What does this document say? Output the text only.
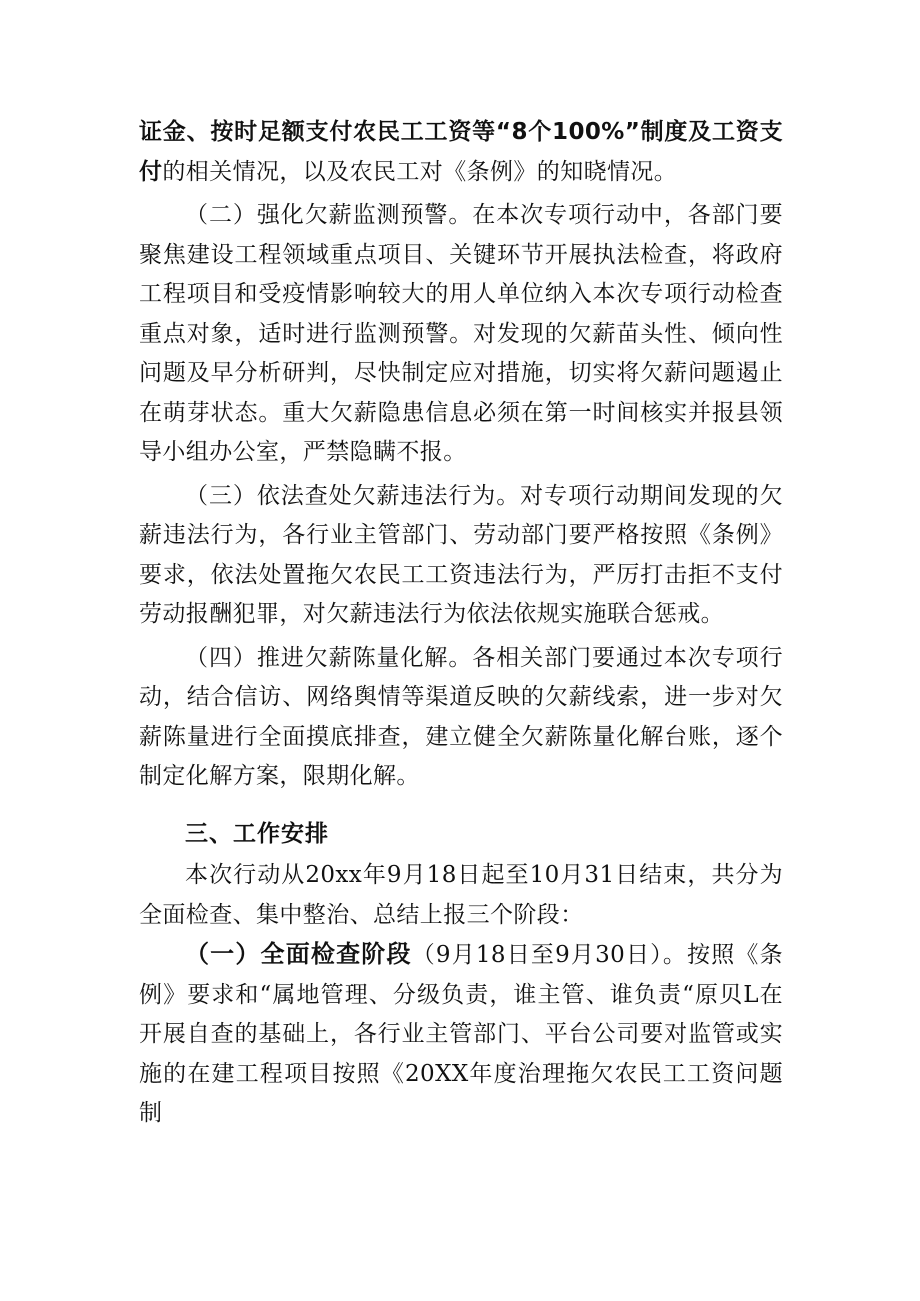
证金、按时足额支付农民工工资等“8个100%”制度及工资支付的相关情况，以及农民工对《条例》的知晓情况。

（二）强化欠薪监测预警。在本次专项行动中，各部门要聚焦建设工程领域重点项目、关键环节开展执法检查，将政府工程项目和受疫情影响较大的用人单位纳入本次专项行动检查重点对象，适时进行监测预警。对发现的欠薪苗头性、倾向性问题及早分析研判，尽快制定应对措施，切实将欠薪问题遏止在萌芽状态。重大欠薪隐患信息必须在第一时间核实并报县领导小组办公室，严禁隐瞒不报。

（三）依法查处欠薪违法行为。对专项行动期间发现的欠薪违法行为，各行业主管部门、劳动部门要严格按照《条例》要求，依法处置拖欠农民工工资违法行为，严厉打击拒不支付劳动报酬犯罪，对欠薪违法行为依法依规实施联合惩戒。

（四）推进欠薪陈量化解。各相关部门要通过本次专项行动，结合信访、网络舆情等渠道反映的欠薪线索，进一步对欠薪陈量进行全面摸底排查，建立健全欠薪陈量化解台账，逐个制定化解方案，限期化解。

三、工作安排

本次行动从20xx年9月18日起至10月31日结束，共分为全面检查、集中整治、总结上报三个阶段：

（一）全面检查阶段（9月18日至9月30日）。按照《条例》要求和“属地管理、分级负责，谁主管、谁负责“原贝L在开展自查的基础上，各行业主管部门、平台公司要对监管或实施的在建工程项目按照《20XX年度治理拖欠农民工工资问题制
